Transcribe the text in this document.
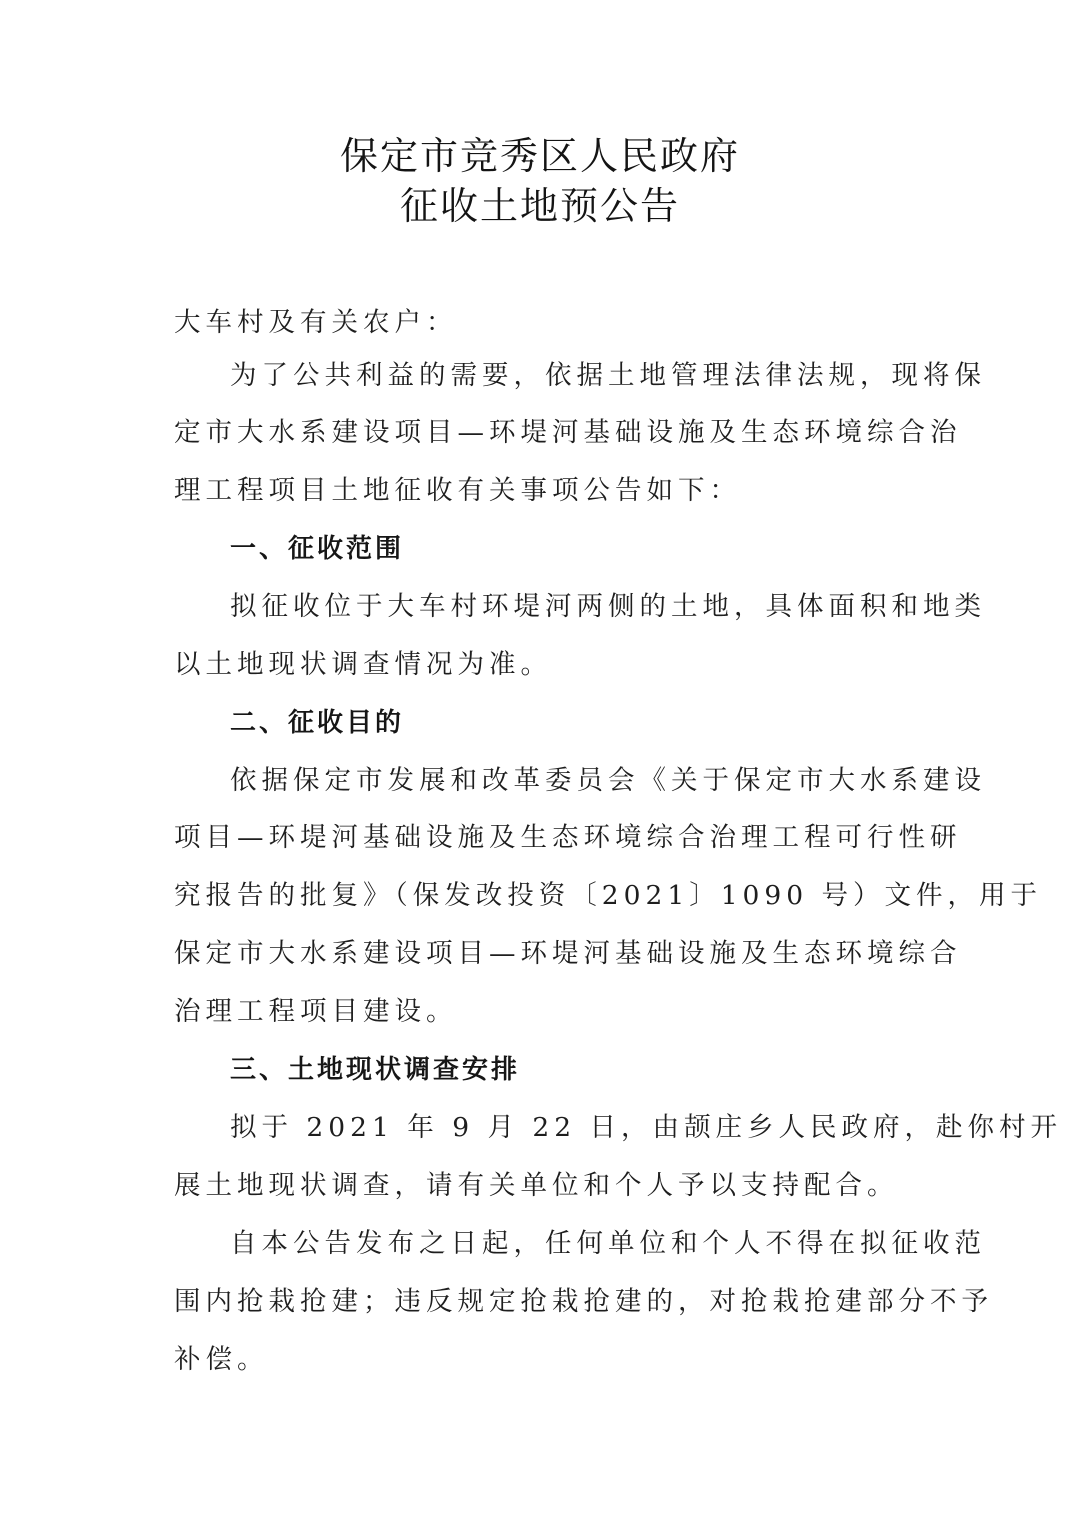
保定市竞秀区人民政府
征收土地预公告
大车村及有关农户：
为了公共利益的需要，依据土地管理法律法规，现将保
定市大水系建设项目—环堤河基础设施及生态环境综合治
理工程项目土地征收有关事项公告如下：
一、征收范围
拟征收位于大车村环堤河两侧的土地，具体面积和地类
以土地现状调查情况为准。
二、征收目的
依据保定市发展和改革委员会《关于保定市大水系建设
项目—环堤河基础设施及生态环境综合治理工程可行性研
究报告的批复》（保发改投资〔2021〕1090 号）文件，用于
保定市大水系建设项目—环堤河基础设施及生态环境综合
治理工程项目建设。
三、土地现状调查安排
拟于 2021 年 9 月 22 日，由颉庄乡人民政府，赴你村开
展土地现状调查，请有关单位和个人予以支持配合。
自本公告发布之日起，任何单位和个人不得在拟征收范
围内抢栽抢建；违反规定抢栽抢建的，对抢栽抢建部分不予
补偿。
